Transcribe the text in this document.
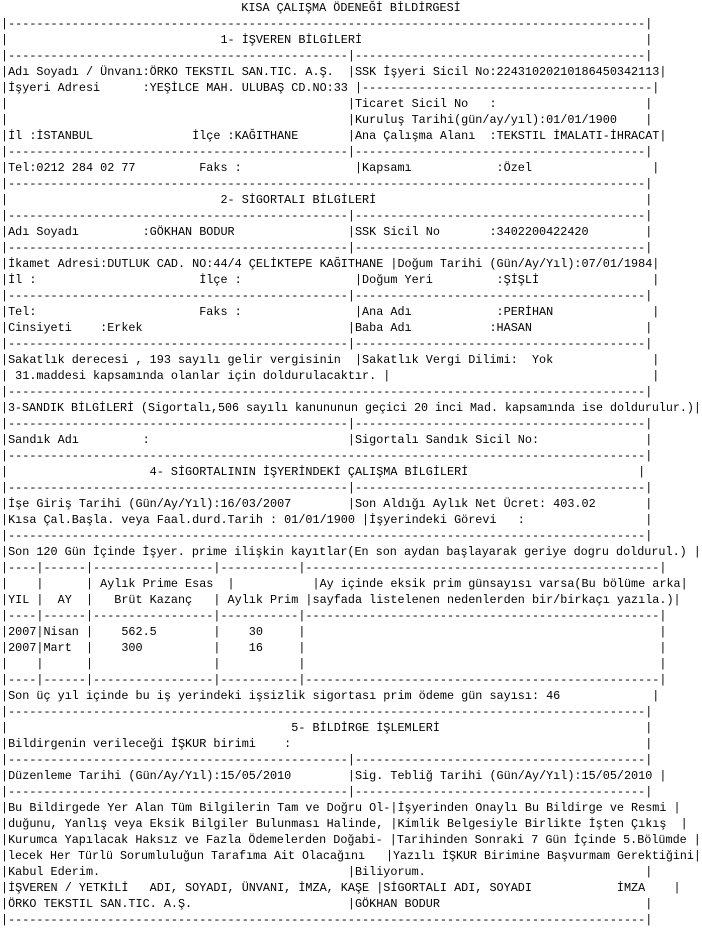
KISA ÇALIŞMA ÖDENEĞİ BİLDİRGESİ
|------------------------------------------------------------------------------------------|
|                              1- İŞVEREN BİLGİLERİ                                        |
|------------------------------------------------|-----------------------------------------|
|Adı Soyadı / Ünvanı:ÖRKO TEKSTIL SAN.TIC. A.Ş.  |SSK İşyeri Sicil No:22431020210186450342113|
|İşyeri Adresi      :YEŞİLCE MAH. ULUBAŞ CD.NO:33 |-----------------------------------------|
|                                                |Ticaret Sicil No   :                     |
|                                                |Kuruluş Tarihi(gün/ay/yıl):01/01/1900    |
|İl :İSTANBUL              İlçe :KAĞITHANE       |Ana Çalışma Alanı  :TEKSTIL İMALATI-İHRACAT|
|------------------------------------------------|-----------------------------------------|
|Tel:0212 284 02 77         Faks :                |Kapsamı            :Özel                 |
|------------------------------------------------------------------------------------------|
|                              2- SİGORTALI BİLGİLERİ                                      |
|------------------------------------------------|-----------------------------------------|
|Adı Soyadı         :GÖKHAN BODUR                |SSK Sicil No       :3402200422420        |
|------------------------------------------------|-----------------------------------------|
|İkamet Adresi:DUTLUK CAD. NO:44/4 ÇELİKTEPE KAĞITHANE |Doğum Tarihi (Gün/Ay/Yıl):07/01/1984|
|İl :                       İlçe :                |Doğum Yeri         :ŞİŞLİ                |
|------------------------------------------------|-----------------------------------------|
|Tel:                       Faks :                |Ana Adı            :PERİHAN              |
|Cinsiyeti    :Erkek                             |Baba Adı           :HASAN                |
|------------------------------------------------|-----------------------------------------|
|Sakatlık derecesi , 193 sayılı gelir vergisinin  |Sakatlık Vergi Dilimi:  Yok              |
| 31.maddesi kapsamında olanlar için doldurulacaktır. |                                     |
|------------------------------------------------------------------------------------------|
|3-SANDIK BİLGİLERİ (Sigortalı,506 sayılı kanununun geçici 20 inci Mad. kapsamında ise doldurulur.)|
|------------------------------------------------|-----------------------------------------|
|Sandık Adı         :                            |Sigortalı Sandık Sicil No:               |
|------------------------------------------------------------------------------------------|
|                    4- SİGORTALININ İŞYERİNDEKİ ÇALIŞMA BİLGİLERİ                        |
|------------------------------------------------|-----------------------------------------|
|İşe Giriş Tarihi (Gün/Ay/Yıl):16/03/2007        |Son Aldığı Aylık Net Ücret: 403.02       |
|Kısa Çal.Başla. veya Faal.durd.Tarih : 01/01/1900 |İşyerindeki Görevi   :                 |
|------------------------------------------------------------------------------------------|
|Son 120 Gün İçinde İşyer. prime ilişkin kayıtlar(En son aydan başlayarak geriye dogru doldurul.) |
|----|------|-----------------|-----------|--------------------------------------------------|
|    |      | Aylık Prime Esas  |           |Ay içinde eksik prim günsayısı varsa(Bu bölüme arka|
|YIL |  AY  |   Brüt Kazanç   | Aylık Prim |sayfada listelenen nedenlerden bir/birkaçı yazıla.)|
|----|------|-----------------|-----------|--------------------------------------------------|
|2007|Nisan |    562.5        |    30     |                                                  |
|2007|Mart  |    300          |    16     |                                                  |
|    |      |                 |           |                                                  |
|----|------|-----------------|-----------|--------------------------------------------------|
|Son üç yıl içinde bu iş yerindeki işsizlik sigortası prim ödeme gün sayısı: 46             |
|------------------------------------------------------------------------------------------|
|                                        5- BİLDİRGE İŞLEMLERİ                             |
|Bildirgenin verileceği İŞKUR birimi    :                                                  |
|------------------------------------------------|-----------------------------------------|
|Düzenleme Tarihi (Gün/Ay/Yıl):15/05/2010        |Sig. Tebliğ Tarihi (Gün/Ay/Yıl):15/05/2010 |
|------------------------------------------------|-----------------------------------------|
|Bu Bildirgede Yer Alan Tüm Bilgilerin Tam ve Doğru Ol-|İşyerinden Onaylı Bu Bildirge ve Resmi |
|duğunu, Yanlış veya Eksik Bilgiler Bulunması Halinde, |Kimlik Belgesiyle Birlikte İşten Çıkış  |
|Kurumca Yapılacak Haksız ve Fazla Ödemelerden Doğabi- |Tarihinden Sonraki 7 Gün İçinde 5.Bölümde |
|lecek Her Türlü Sorumluluğun Tarafıma Ait Olacağını   |Yazılı İŞKUR Birimine Başvurmam Gerektiğini|
|Kabul Ederim.                                   |Biliyorum.                               |
|İŞVEREN / YETKİLİ   ADI, SOYADI, ÜNVANI, İMZA, KAŞE |SİGORTALI ADI, SOYADI            İMZA    |
|ÖRKO TEKSTIL SAN.TIC. A.Ş.                      |GÖKHAN BODUR                             |
|------------------------------------------------------------------------------------------|
